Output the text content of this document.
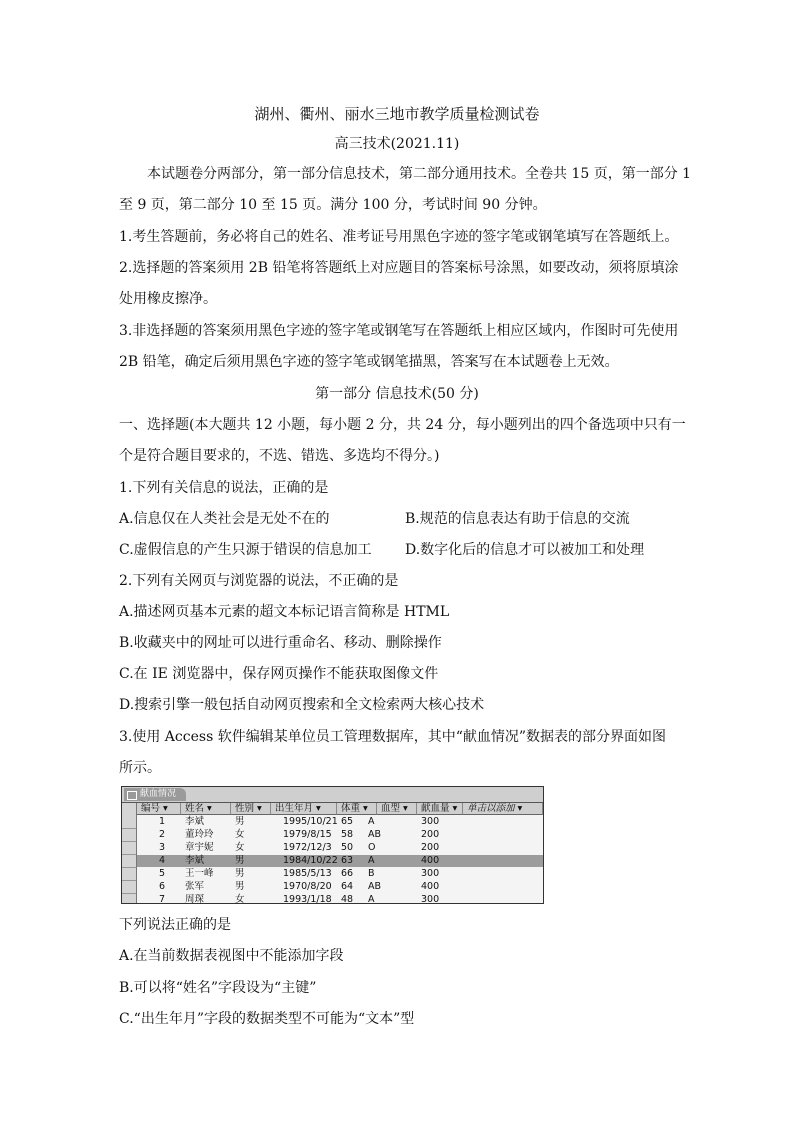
湖州、衢州、丽水三地市教学质量检测试卷
高三技术(2021.11)
本试题卷分两部分，第一部分信息技术，第二部分通用技术。全卷共 15 页，第一部分 1
至 9 页，第二部分 10 至 15 页。满分 100 分，考试时间 90 分钟。
1.考生答题前，务必将自己的姓名、准考证号用黑色字迹的签字笔或钢笔填写在答题纸上。
2.选择题的答案须用 2B 铅笔将答题纸上对应题目的答案标号涂黑，如要改动，须将原填涂
处用橡皮擦净。
3.非选择题的答案须用黑色字迹的签字笔或钢笔写在答题纸上相应区域内，作图时可先使用
2B 铅笔，确定后须用黑色字迹的签字笔或钢笔描黑，答案写在本试题卷上无效。
第一部分 信息技术(50 分)
一、选择题(本大题共 12 小题，每小题 2 分，共 24 分，每小题列出的四个备选项中只有一
个是符合题目要求的，不选、错选、多选均不得分。)
1.下列有关信息的说法，正确的是
A.信息仅在人类社会是无处不在的	B.规范的信息表达有助于信息的交流
C.虚假信息的产生只源于错误的信息加工 D.数字化后的信息才可以被加工和处理
2.下列有关网页与浏览器的说法，不正确的是
A.描述网页基本元素的超文本标记语言简称是 HTML
B.收藏夹中的网址可以进行重命名、移动、删除操作
C.在 IE 浏览器中，保存网页操作不能获取图像文件
D.搜索引擎一般包括自动网页搜索和全文检索两大核心技术
3.使用 Access 软件编辑某单位员工管理数据库，其中“献血情况”数据表的部分界面如图
所示。
献血情况
编号 ▾	姓名 ▾	性别 ▾	出生年月 ▾	体重 ▾	血型 ▾	献血量 ▾	单击以添加 ▾
1 李斌	男	1995/10/21 65 A	300
2 董玲玲 女	1979/8/15 58 AB	200
3 章宇妮 女	1972/12/3 50 O	200
4 李斌	男	1984/10/22 63 A	400
5 王一峰 男	1985/5/13 66 B	300
6 张军	男	1970/8/20 64 AB	400
7 周琛	女	1993/1/18 48 A	300
下列说法正确的是
A.在当前数据表视图中不能添加字段
B.可以将“姓名”字段设为“主键”
C.“出生年月”字段的数据类型不可能为“文本”型
